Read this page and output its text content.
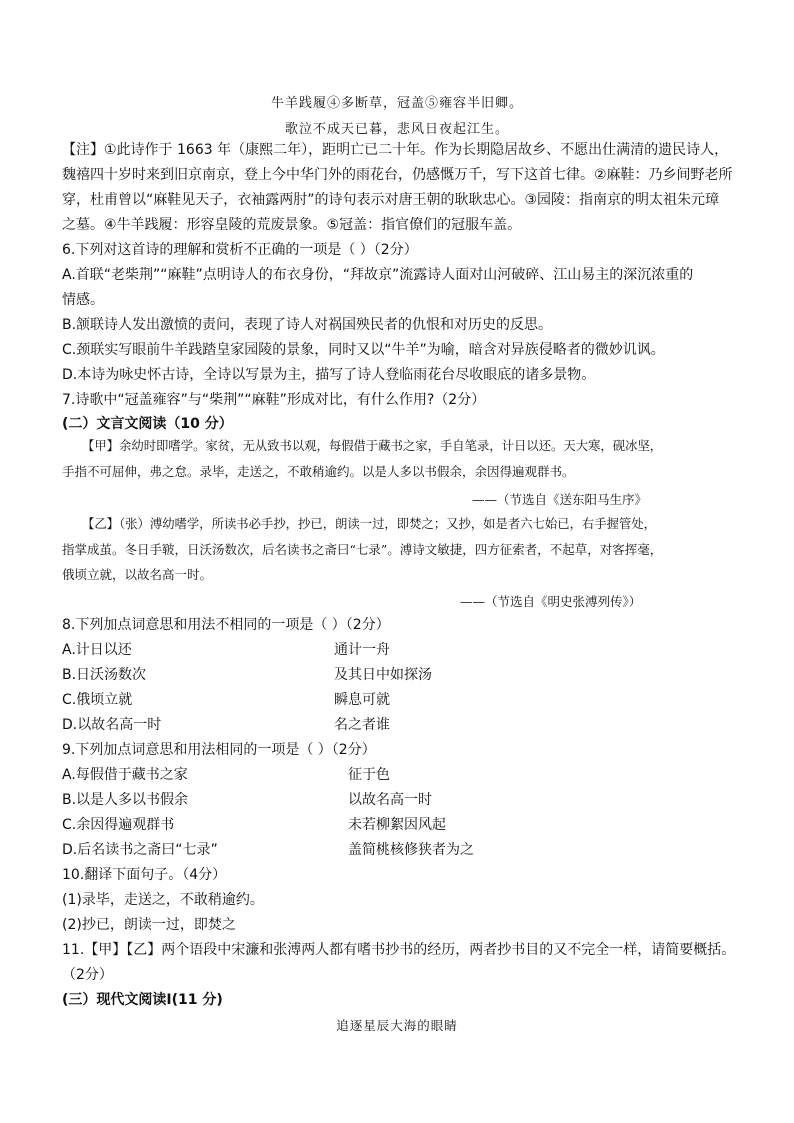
牛羊践履④多断草，冠盖⑤雍容半旧卿。
歌泣不成天已暮，悲风日夜起江生。
【注】①此诗作于 1663 年（康熙二年），距明亡已二十年。作为长期隐居故乡、不愿出仕满清的遗民诗人，
魏禧四十岁时来到旧京南京，登上今中华门外的雨花台，仍感慨万千，写下这首七律。②麻鞋：乃乡间野老所
穿，杜甫曾以“麻鞋见天子，衣袖露两肘”的诗句表示对唐王朝的耿耿忠心。③园陵：指南京的明太祖朱元璋
之墓。④牛羊践履：形容皇陵的荒废景象。⑤冠盖：指官僚们的冠服车盖。
6.下列对这首诗的理解和赏析不正确的一项是（ ）（2分）
A.首联“老柴荆”“麻鞋”点明诗人的布衣身份，“拜故京”流露诗人面对山河破碎、江山易主的深沉浓重的
情感。
B.颔联诗人发出激愤的责问，表现了诗人对祸国殃民者的仇恨和对历史的反思。
C.颈联实写眼前牛羊践踏皇家园陵的景象，同时又以“牛羊”为喻，暗含对异族侵略者的微妙讥讽。
D.本诗为咏史怀古诗，全诗以写景为主，描写了诗人登临雨花台尽收眼底的诸多景物。
7.诗歌中“冠盖雍容”与“柴荆”“麻鞋”形成对比，有什么作用?（2分）
(二）文言文阅读（10 分）
【甲】余幼时即嗜学。家贫，无从致书以观，每假借于藏书之家，手自笔录，计日以还。天大寒，砚冰坚，
手指不可屈伸，弗之怠。录毕，走送之，不敢稍逾约。以是人多以书假余，余因得遍观群书。
——（节选自《送东阳马生序》
【乙】（张）溥幼嗜学，所读书必手抄，抄已，朗读一过，即焚之；又抄，如是者六七始已，右手握管处，
指掌成茧。冬日手皲，日沃汤数次，后名读书之斋曰“七录”。溥诗文敏捷，四方征索者，不起草，对客挥毫，
俄顷立就，以故名高一时。
——（节选自《明史张溥列传》）
8.下列加点词意思和用法不相同的一项是（ ）（2分）
A.计日以还	通计一舟
B.日沃汤数次	及其日中如探汤
C.俄顷立就	瞬息可就
D.以故名高一时	名之者谁
9.下列加点词意思和用法相同的一项是（ ）（2分）
A.每假借于藏书之家	征于色
B.以是人多以书假余	以故名高一时
C.余因得遍观群书	未若柳絮因风起
D.后名读书之斋曰“七录”	盖简桃核修狭者为之
10.翻译下面句子。（4分）
(1)录毕，走送之，不敢稍逾约。
(2)抄已，朗读一过，即焚之
11.【甲】【乙】两个语段中宋濂和张溥两人都有嗜书抄书的经历，两者抄书目的又不完全一样，请简要概括。
（2分）
(三）现代文阅读Ⅰ(11 分)
追逐星辰大海的眼睛
